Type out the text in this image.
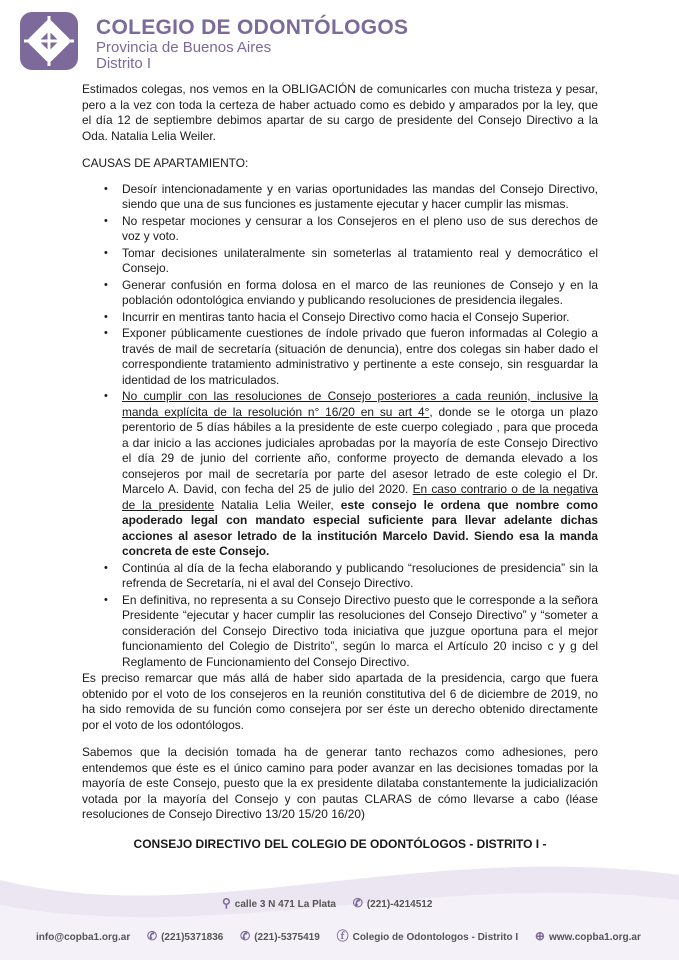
COLEGIO DE ODONTÓLOGOS
Provincia de Buenos Aires
Distrito I

Estimados colegas, nos vemos en la OBLIGACIÓN de comunicarles con mucha tristeza y pesar, pero a la vez con toda la certeza de haber actuado como es debido y amparados por la ley, que el día 12 de septiembre debimos apartar de su cargo de presidente del Consejo Directivo a la Oda. Natalia Lelia Weiler.

CAUSAS DE APARTAMIENTO:

• Desoír intencionadamente y en varias oportunidades las mandas del Consejo Directivo, siendo que una de sus funciones es justamente ejecutar y hacer cumplir las mismas.
• No respetar mociones y censurar a los Consejeros en el pleno uso de sus derechos de voz y voto.
• Tomar decisiones unilateralmente sin someterlas al tratamiento real y democrático el Consejo.
• Generar confusión en forma dolosa en el marco de las reuniones de Consejo y en la población odontológica enviando y publicando resoluciones de presidencia ilegales.
• Incurrir en mentiras tanto hacia el Consejo Directivo como hacia el Consejo Superior.
• Exponer públicamente cuestiones de índole privado que fueron informadas al Colegio a través de mail de secretaría (situación de denuncia), entre dos colegas sin haber dado el correspondiente tratamiento administrativo y pertinente a este consejo, sin resguardar la identidad de los matriculados.
• No cumplir con las resoluciones de Consejo posteriores a cada reunión, inclusive la manda explícita de la resolución n° 16/20 en su art 4°, donde se le otorga un plazo perentorio de 5 días hábiles a la presidente de este cuerpo colegiado , para que proceda a dar inicio a las acciones judiciales aprobadas por la mayoría de este Consejo Directivo el día 29 de junio del corriente año, conforme proyecto de demanda elevado a los consejeros por mail de secretaría por parte del asesor letrado de este colegio el Dr. Marcelo A. David, con fecha del 25 de julio del 2020. En caso contrario o de la negativa de la presidente Natalia Lelia Weiler, este consejo le ordena que nombre como apoderado legal con mandato especial suficiente para llevar adelante dichas acciones al asesor letrado de la institución Marcelo David. Siendo esa la manda concreta de este Consejo.
• Continúa al día de la fecha elaborando y publicando “resoluciones de presidencia” sin la refrenda de Secretaría, ni el aval del Consejo Directivo.
• En definitiva, no representa a su Consejo Directivo puesto que le corresponde a la señora Presidente “ejecutar y hacer cumplir las resoluciones del Consejo Directivo” y “someter a consideración del Consejo Directivo toda iniciativa que juzgue oportuna para el mejor funcionamiento del Colegio de Distrito”, según lo marca el Artículo 20 inciso c y g del Reglamento de Funcionamiento del Consejo Directivo.

Es preciso remarcar que más allá de haber sido apartada de la presidencia, cargo que fuera obtenido por el voto de los consejeros en la reunión constitutiva del 6 de diciembre de 2019, no ha sido removida de su función como consejera por ser éste un derecho obtenido directamente por el voto de los odontólogos.

Sabemos que la decisión tomada ha de generar tanto rechazos como adhesiones, pero entendemos que éste es el único camino para poder avanzar en las decisiones tomadas por la mayoría de este Consejo, puesto que la ex presidente dilataba constantemente la judicialización votada por la mayoría del Consejo y con pautas CLARAS de cómo llevarse a cabo (léase resoluciones de Consejo Directivo 13/20 15/20 16/20)

CONSEJO DIRECTIVO DEL COLEGIO DE ODONTÓLOGOS - DISTRITO I -
⚲ calle 3 N 471 La Plata ✆ (221)-4214512
info@copba1.org.ar ✆ (221)5371836 ✆ (221)-5375419 ⓕ Colegio de Odontologos - Distrito I ⊕ www.copba1.org.ar
